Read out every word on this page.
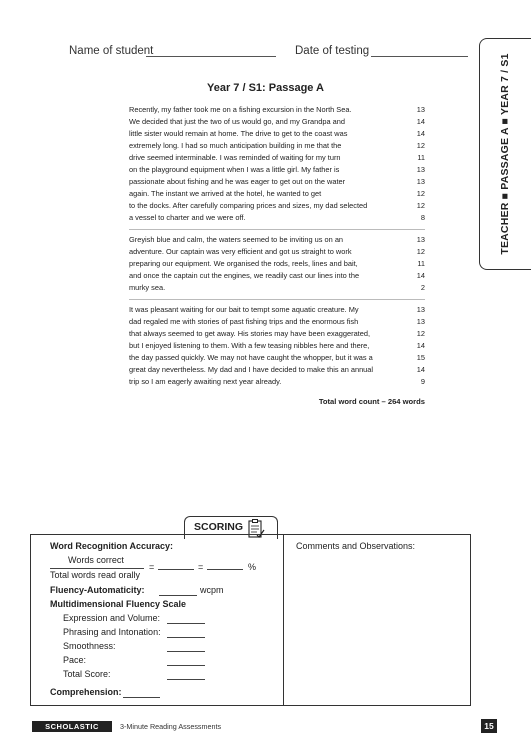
Name of student	Date of testing
TEACHER ■ PASSAGE A ■ YEAR 7 / S1
Year 7 / S1: Passage A
Recently, my father took me on a fishing excursion in the North Sea.	13
We decided that just the two of us would go, and my Grandpa and	14
little sister would remain at home. The drive to get to the coast was	14
extremely long. I had so much anticipation building in me that the	12
drive seemed interminable. I was reminded of waiting for my turn	11
on the playground equipment when I was a little girl. My father is	13
passionate about fishing and he was eager to get out on the water	13
again. The instant we arrived at the hotel, he wanted to get	12
to the docks. After carefully comparing prices and sizes, my dad selected	12
a vessel to charter and we were off.	8
Greyish blue and calm, the waters seemed to be inviting us on an	13
adventure. Our captain was very efficient and got us straight to work	12
preparing our equipment. We organised the rods, reels, lines and bait,	11
and once the captain cut the engines, we readily cast our lines into the	14
murky sea.	2
It was pleasant waiting for our bait to tempt some aquatic creature. My	13
dad regaled me with stories of past fishing trips and the enormous fish	13
that always seemed to get away. His stories may have been exaggerated,	12
but I enjoyed listening to them. With a few teasing nibbles here and there,	14
the day passed quickly. We may not have caught the whopper, but it was a	15
great day nevertheless. My dad and I have decided to make this an annual	14
trip so I am eagerly awaiting next year already.	9
Total word count – 264 words
SCORING
Word Recognition Accuracy:
Words correct
Total words read orally
=	=	%
Fluency-Automaticity:	wcpm
Multidimensional Fluency Scale
Expression and Volume:
Phrasing and Intonation:
Smoothness:
Pace:
Total Score:
Comprehension:
Comments and Observations:
SCHOLASTIC	3-Minute Reading Assessments	15
